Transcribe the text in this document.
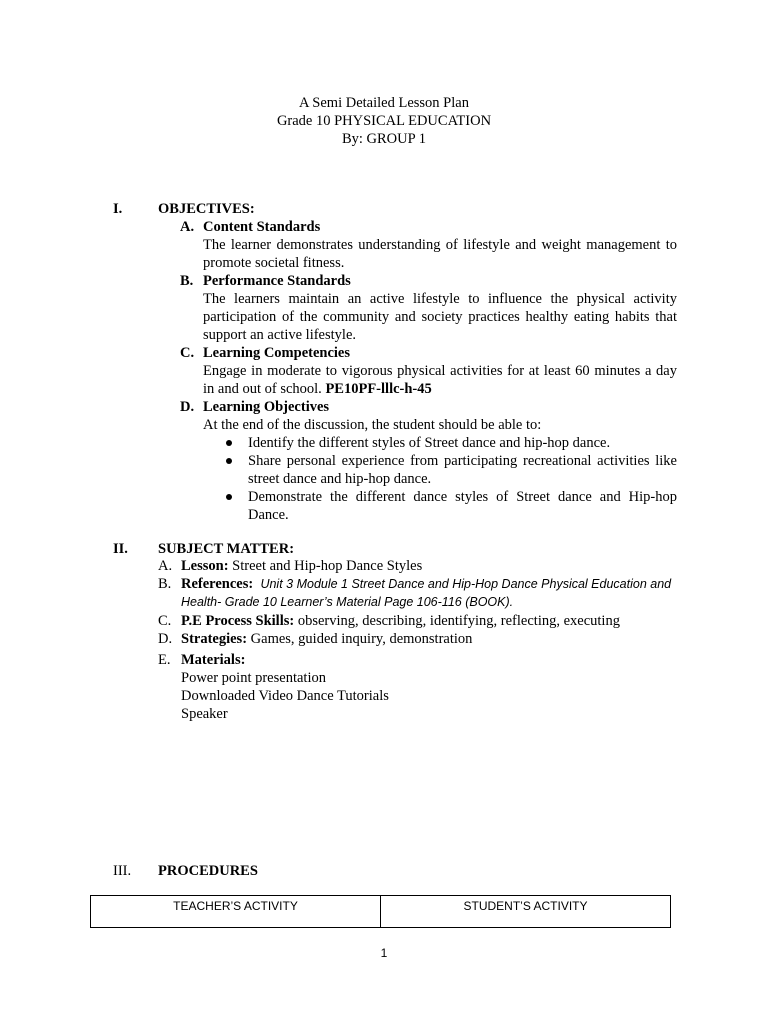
A Semi Detailed Lesson Plan
Grade 10 PHYSICAL EDUCATION
By: GROUP 1
I. OBJECTIVES:
A. Content Standards
The learner demonstrates understanding of lifestyle and weight management to promote societal fitness.
B. Performance Standards
The learners maintain an active lifestyle to influence the physical activity participation of the community and society practices healthy eating habits that support an active lifestyle.
C. Learning Competencies
Engage in moderate to vigorous physical activities for at least 60 minutes a day in and out of school. PE10PF-lllc-h-45
D. Learning Objectives
At the end of the discussion, the student should be able to:
Identify the different styles of Street dance and hip-hop dance.
Share personal experience from participating recreational activities like street dance and hip-hop dance.
Demonstrate the different dance styles of Street dance and Hip-hop Dance.
II. SUBJECT MATTER:
A. Lesson: Street and Hip-hop Dance Styles
B. References: Unit 3 Module 1 Street Dance and Hip-Hop Dance Physical Education and Health- Grade 10 Learner’s Material Page 106-116 (BOOK).
C. P.E Process Skills: observing, describing, identifying, reflecting, executing
D. Strategies: Games, guided inquiry, demonstration
E. Materials:
Power point presentation
Downloaded Video Dance Tutorials
Speaker
III. PROCEDURES
TEACHER’S ACTIVITY	STUDENT’S ACTIVITY
1
